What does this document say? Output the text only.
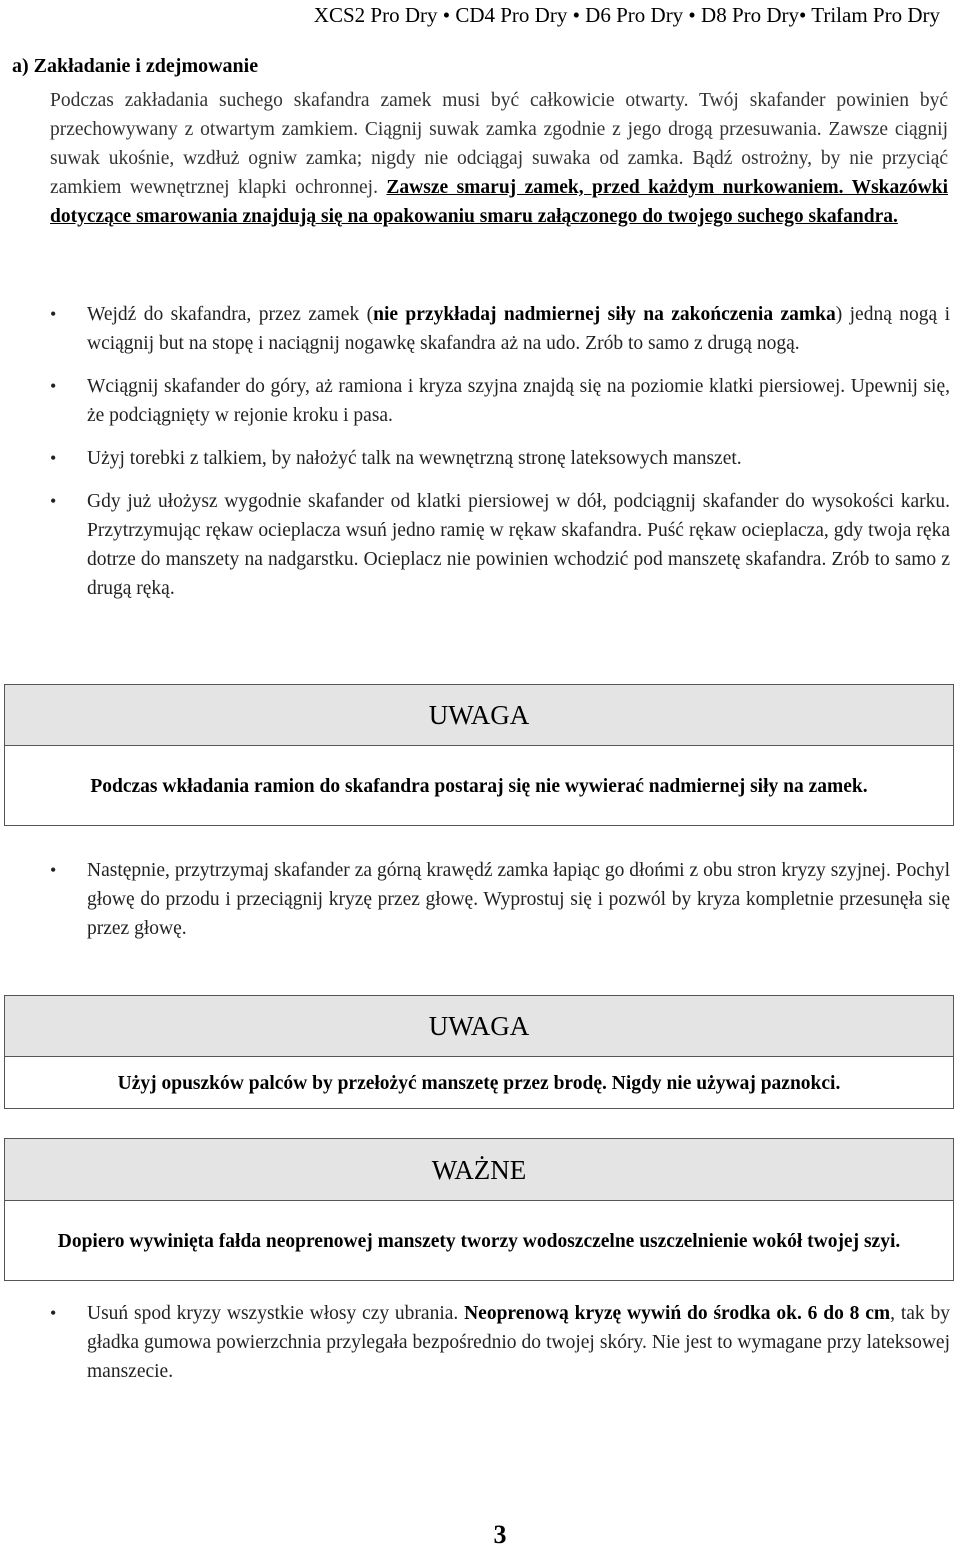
XCS2 Pro Dry • CD4 Pro Dry • D6 Pro Dry • D8 Pro Dry• Trilam Pro Dry
a) Zakładanie i zdejmowanie
Podczas zakładania suchego skafandra zamek musi być całkowicie otwarty. Twój skafander powinien być przechowywany z otwartym zamkiem. Ciągnij suwak zamka zgodnie z jego drogą przesuwania. Zawsze ciągnij suwak ukośnie, wzdłuż ogniw zamka; nigdy nie odciągaj suwaka od zamka. Bądź ostrożny, by nie przyciąć zamkiem wewnętrznej klapki ochronnej. Zawsze smaruj zamek, przed każdym nurkowaniem. Wskazówki dotyczące smarowania znajdują się na opakowaniu smaru załączonego do twojego suchego skafandra.
• Wejdź do skafandra, przez zamek (nie przykładaj nadmiernej siły na zakończenia zamka) jedną nogą i wciągnij but na stopę i naciągnij nogawkę skafandra aż na udo. Zrób to samo z drugą nogą.
• Wciągnij skafander do góry, aż ramiona i kryza szyjna znajdą się na poziomie klatki piersiowej. Upewnij się, że podciągnięty w rejonie kroku i pasa.
• Użyj torebki z talkiem, by nałożyć talk na wewnętrzną stronę lateksowych manszet.
• Gdy już ułożysz wygodnie skafander od klatki piersiowej w dół, podciągnij skafander do wysokości karku. Przytrzymując rękaw ocieplacza wsuń jedno ramię w rękaw skafandra. Puść rękaw ocieplacza, gdy twoja ręka dotrze do manszety na nadgarstku. Ocieplacz nie powinien wchodzić pod manszetę skafandra. Zrób to samo z drugą ręką.
UWAGA
Podczas wkładania ramion do skafandra postaraj się nie wywierać nadmiernej siły na zamek.
• Następnie, przytrzymaj skafander za górną krawędź zamka łapiąc go dłońmi z obu stron kryzy szyjnej. Pochyl głowę do przodu i przeciągnij kryzę przez głowę. Wyprostuj się i pozwól by kryza kompletnie przesunęła się przez głowę.
UWAGA
Użyj opuszków palców by przełożyć manszetę przez brodę. Nigdy nie używaj paznokci.
WAŻNE
Dopiero wywinięta fałda neoprenowej manszety tworzy wodoszczelne uszczelnienie wokół twojej szyi.
• Usuń spod kryzy wszystkie włosy czy ubrania. Neoprenową kryzę wywiń do środka ok. 6 do 8 cm, tak by gładka gumowa powierzchnia przylegała bezpośrednio do twojej skóry. Nie jest to wymagane przy lateksowej manszecie.
3
